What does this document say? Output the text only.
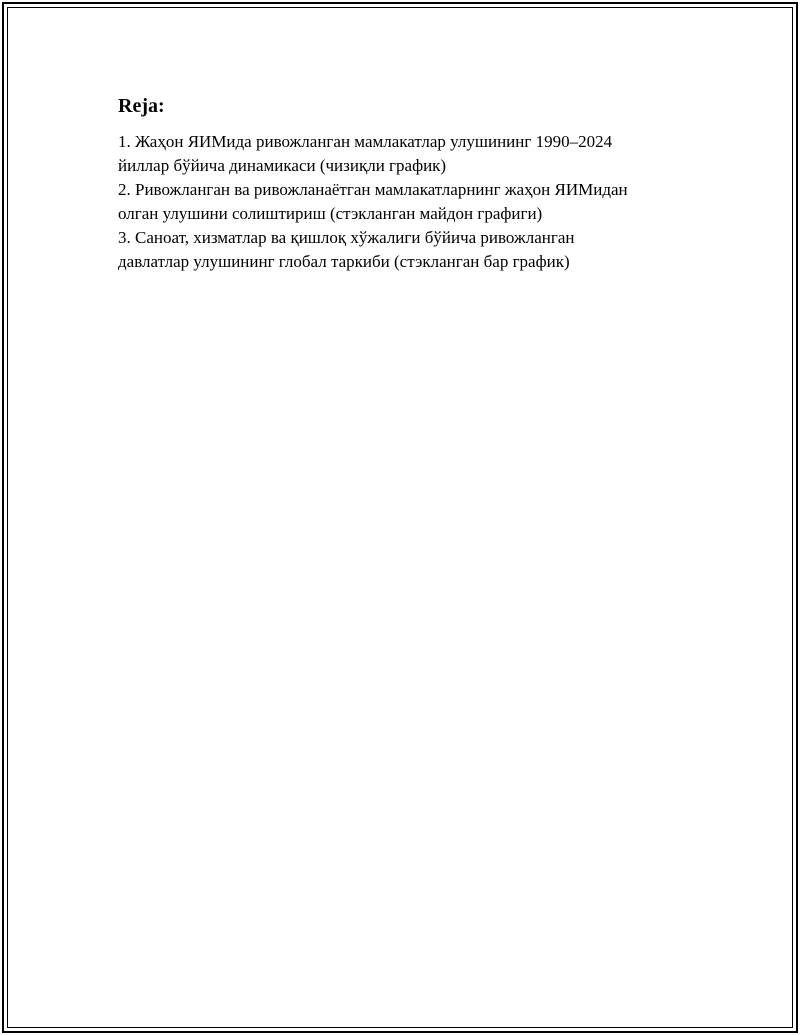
Reja:
1. Жаҳон ЯИМида ривожланган мамлакатлар улушининг 1990–2024
йиллар бўйича динамикаси (чизиқли график)
2. Ривожланган ва ривожланаётган мамлакатларнинг жаҳон ЯИМидан
олган улушини солиштириш (стэкланган майдон графиги)
3. Саноат, хизматлар ва қишлоқ хўжалиги бўйича ривожланган
давлатлар улушининг глобал таркиби (стэкланган бар график)
